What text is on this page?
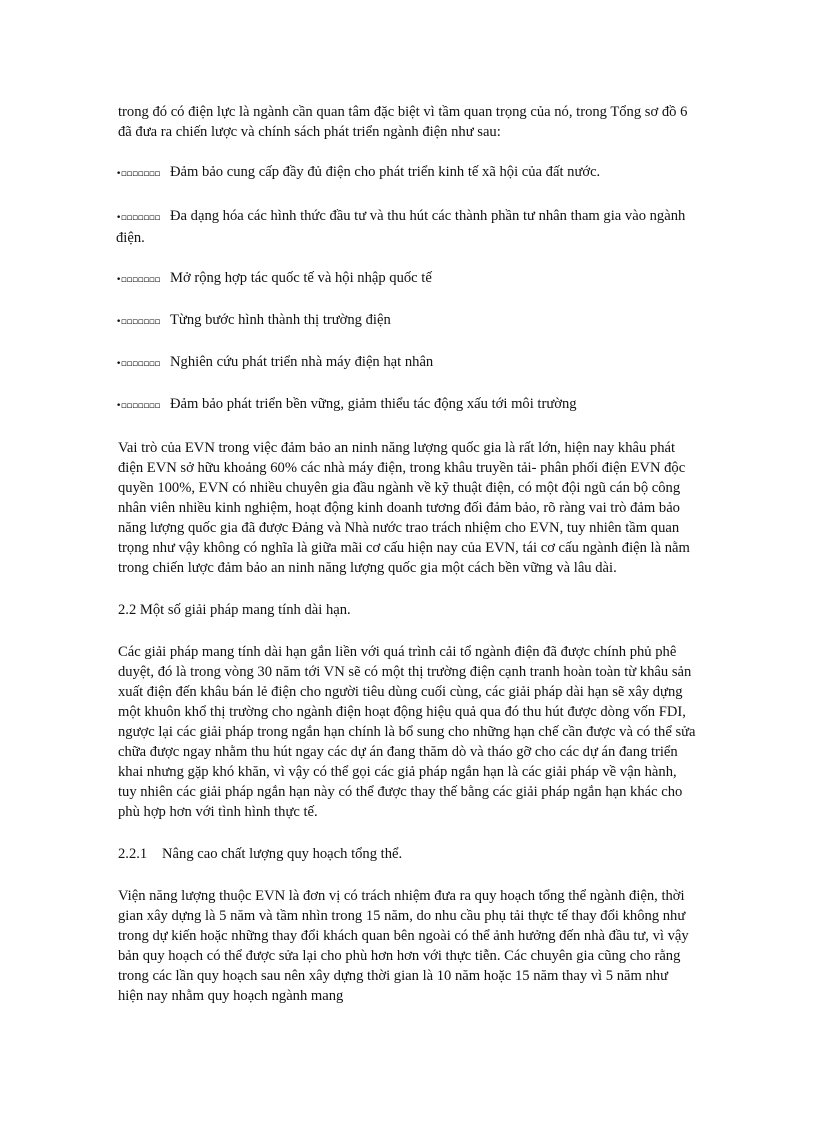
trong đó có điện lực là ngành cần quan tâm đặc biệt vì tầm quan trọng của nó, trong Tổng sơ đồ 6 đã đưa ra chiến lược và chính sách phát triển ngành điện như sau:

•▫▫▫▫▫▫▫ Đảm bảo cung cấp đầy đủ điện cho phát triển kinh tế xã hội của đất nước.

•▫▫▫▫▫▫▫ Đa dạng hóa các hình thức đầu tư và thu hút các thành phần tư nhân tham gia vào ngành điện.

•▫▫▫▫▫▫▫ Mở rộng hợp tác quốc tế và hội nhập quốc tế
•▫▫▫▫▫▫▫ Từng bước hình thành thị trường điện
•▫▫▫▫▫▫▫ Nghiên cứu phát triển nhà máy điện hạt nhân
•▫▫▫▫▫▫▫ Đảm bảo phát triển bền vững, giảm thiểu tác động xấu tới môi trường

Vai trò của EVN trong việc đảm bảo an ninh năng lượng quốc gia là rất lớn, hiện nay khâu phát điện EVN sở hữu khoảng 60% các nhà máy điện, trong khâu truyền tải- phân phối điện EVN độc quyền 100%, EVN có nhiều chuyên gia đầu ngành về kỹ thuật điện, có một đội ngũ cán bộ công nhân viên nhiều kinh nghiệm, hoạt động kinh doanh tương đối đảm bảo, rõ ràng vai trò đảm bảo năng lượng quốc gia đã được Đảng và Nhà nước trao trách nhiệm cho EVN, tuy nhiên tầm quan trọng như vậy không có nghĩa là giữa mãi cơ cấu hiện nay của EVN, tái cơ cấu ngành điện là nằm trong chiến lược đảm bảo an ninh năng lượng quốc gia một cách bền vững và lâu dài.

2.2 Một số giải pháp mang tính dài hạn.

Các giải pháp mang tính dài hạn gắn liền với quá trình cải tổ ngành điện đã được chính phủ phê duyệt, đó là trong vòng 30 năm tới VN sẽ có một thị trường điện cạnh tranh hoàn toàn từ khâu sản xuất điện đến khâu bán lẻ điện cho người tiêu dùng cuối cùng, các giải pháp dài hạn sẽ xây dựng một khuôn khổ thị trường cho ngành điện hoạt động hiệu quả qua đó thu hút được dòng vốn FDI, ngược lại các giải pháp trong ngắn hạn chính là bổ sung cho những hạn chế cần được và có thể sửa chữa được ngay nhằm thu hút ngay các dự án đang thăm dò và tháo gỡ cho các dự án đang triển khai nhưng gặp khó khăn, vì vậy có thể gọi các giả pháp ngắn hạn là các giải pháp về vận hành, tuy nhiên các giải pháp ngắn hạn này có thể được thay thế bằng các giải pháp ngắn hạn khác cho phù hợp hơn với tình hình thực tế.

2.2.1 Nâng cao chất lượng quy hoạch tổng thể.

Viện năng lượng thuộc EVN là đơn vị có trách nhiệm đưa ra quy hoạch tổng thể ngành điện, thời gian xây dựng là 5 năm và tầm nhìn trong 15 năm, do nhu cầu phụ tải thực tế thay đổi không như trong dự kiến hoặc những thay đổi khách quan bên ngoài có thể ảnh hưởng đến nhà đầu tư, vì vậy bản quy hoạch có thể được sửa lại cho phù hơn hơn với thực tiễn. Các chuyên gia cũng cho rằng trong các lần quy hoạch sau nên xây dựng thời gian là 10 năm hoặc 15 năm thay vì 5 năm như hiện nay nhằm quy hoạch ngành mang
